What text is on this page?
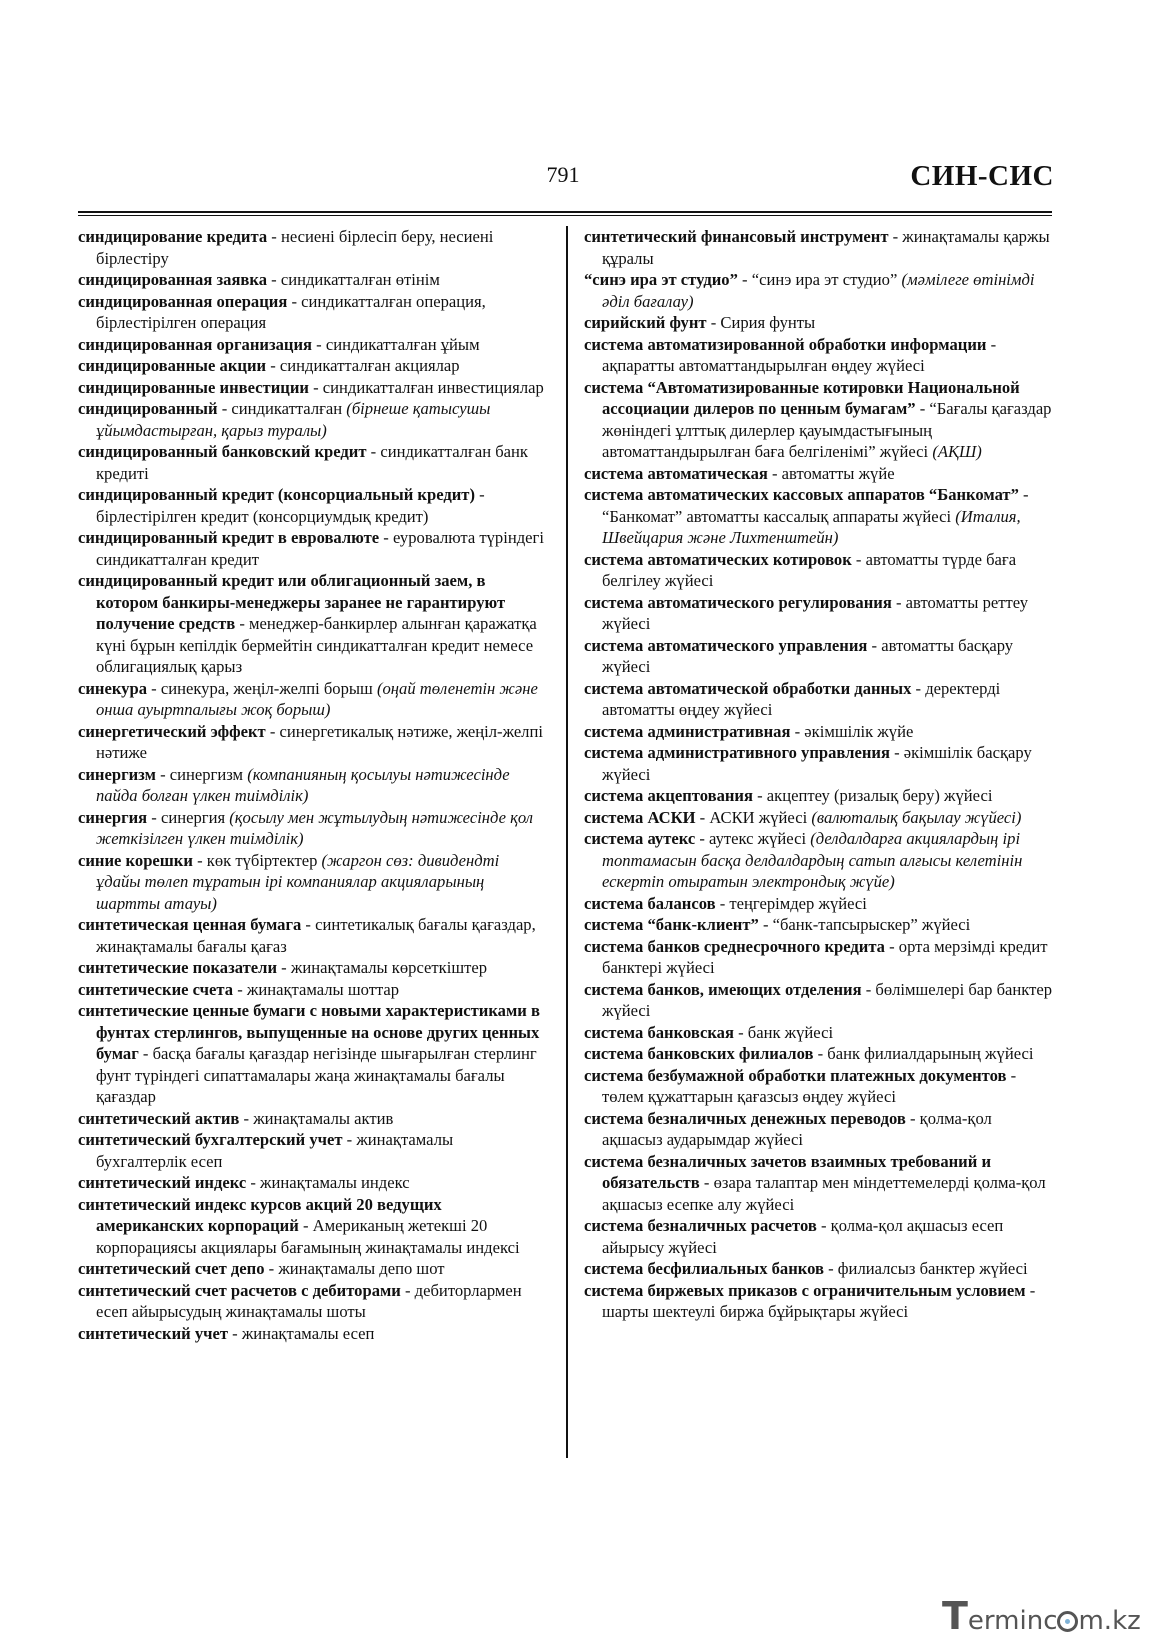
791	СИН-СИС

синдицирование кредита - несиені бірлесіп беру, несиені бірлестіру

синдицированная заявка - синдикатталған өтінім

синдицированная операция - синдикатталған операция, бірлестірілген операция

синдицированная организация - синдикатталған ұйым

синдицированные акции - синдикатталған акциялар

синдицированные инвестиции - синдикатталған инвестициялар

синдицированный - синдикатталған (бірнеше қатысушы ұйымдастырған, қарыз туралы)

синдицированный банковский кредит - синдикатталған банк кредиті

синдицированный кредит (консорциальный кредит) - бірлестірілген кредит (консорциумдық кредит)

синдицированный кредит в евровалюте - еуровалюта түріндегі синдикатталған кредит

синдицированный кредит или облигационный заем, в котором банкиры-менеджеры заранее не гарантируют получение средств - менеджер-банкирлер алынған қаражатқа күні бұрын кепілдік бермейтін синдикатталған кредит немесе облигациялық қарыз

синекура - синекура, жеңіл-желпі борыш (оңай төленетін және онша ауыртпалығы жоқ борыш)

синергетический эффект - синергетикалық нәтиже, жеңіл-желпі нәтиже

синергизм - синергизм (компанияның қосылуы нәтижесінде пайда болған үлкен тиімділік)

синергия - синергия (қосылу мен жұтылудың нәтижесінде қол жеткізілген үлкен тиімділік)

синие корешки - көк түбіртектер (жаргон сөз: дивидендті ұдайы төлеп тұратын ірі компаниялар акцияларының шартты атауы)

синтетическая ценная бумага - синтетикалық бағалы қағаздар, жинақтамалы бағалы қағаз

синтетические показатели - жинақтамалы көрсеткіштер

синтетические счета - жинақтамалы шоттар

синтетические ценные бумаги с новыми характеристиками в фунтах стерлингов, выпущенные на основе других ценных бумаг - басқа бағалы қағаздар негізінде шығарылған стерлинг фунт түріндегі сипаттамалары жаңа жинақтамалы бағалы қағаздар

синтетический актив - жинақтамалы актив

синтетический бухгалтерский учет - жинақтамалы бухгалтерлік есеп

синтетический индекс - жинақтамалы индекс

синтетический индекс курсов акций 20 ведущих американских корпораций - Американың жетекші 20 корпорациясы акциялары бағамының жинақтамалы индексі

синтетический счет депо - жинақтамалы депо шот

синтетический счет расчетов с дебиторами - дебиторлармен есеп айырысудың жинақтамалы шоты

синтетический учет - жинақтамалы есеп

синтетический финансовый инструмент - жинақтамалы қаржы құралы

“синэ ира эт студио” - “синэ ира эт студио” (мәмілеге өтінімді әділ бағалау)

сирийский фунт - Сирия фунты

система автоматизированной обработки информации - ақпаратты автоматтандырылған өңдеу жүйесі

система “Автоматизированные котировки Национальной ассоциации дилеров по ценным бумагам” - “Бағалы қағаздар жөніндегі ұлттық дилерлер қауымдастығының автоматтандырылған баға белгіленімі” жүйесі (АҚШ)

система автоматическая - автоматты жүйе

система автоматических кассовых аппаратов “Банкомат” - “Банкомат” автоматты кассалық аппараты жүйесі (Италия, Швейцария және Лихтенштейн)

система автоматических котировок - автоматты түрде баға белгілеу жүйесі

система автоматического регулирования - автоматты реттеу жүйесі

система автоматического управления - автоматты басқару жүйесі

система автоматической обработки данных - деректерді автоматты өңдеу жүйесі

система административная - әкімшілік жүйе

система административного управления - әкімшілік басқару жүйесі

система акцептования - акцептеу (ризалық беру) жүйесі

система АСКИ - АСКИ жүйесі (валюталық бақылау жүйесі)

система аутекс - аутекс жүйесі (делдалдарға акциялардың ірі топтамасын басқа делдалдардың сатып алғысы келетінін ескертіп отыратын электрондық жүйе)

система балансов - теңгерімдер жүйесі

система “банк-клиент” - “банк-тапсырыскер” жүйесі

система банков среднесрочного кредита - орта мерзімді кредит банктері жүйесі

система банков, имеющих отделения - бөлімшелері бар банктер жүйесі

система банковская - банк жүйесі

система банковских филиалов - банк филиалдарының жүйесі

система безбумажной обработки платежных документов - төлем құжаттарын қағазсыз өңдеу жүйесі

система безналичных денежных переводов - қолма-қол ақшасыз аударымдар жүйесі

система безналичных зачетов взаимных требований и обязательств - өзара талаптар мен міндеттемелерді қолма-қол ақшасыз есепке алу жүйесі

система безналичных расчетов - қолма-қол ақшасыз есеп айырысу жүйесі

система бесфилиальных банков - филиалсыз банктер жүйесі

система биржевых приказов с ограничительным условием - шарты шектеулі биржа бұйрықтары жүйесі

Terminc m.kz
